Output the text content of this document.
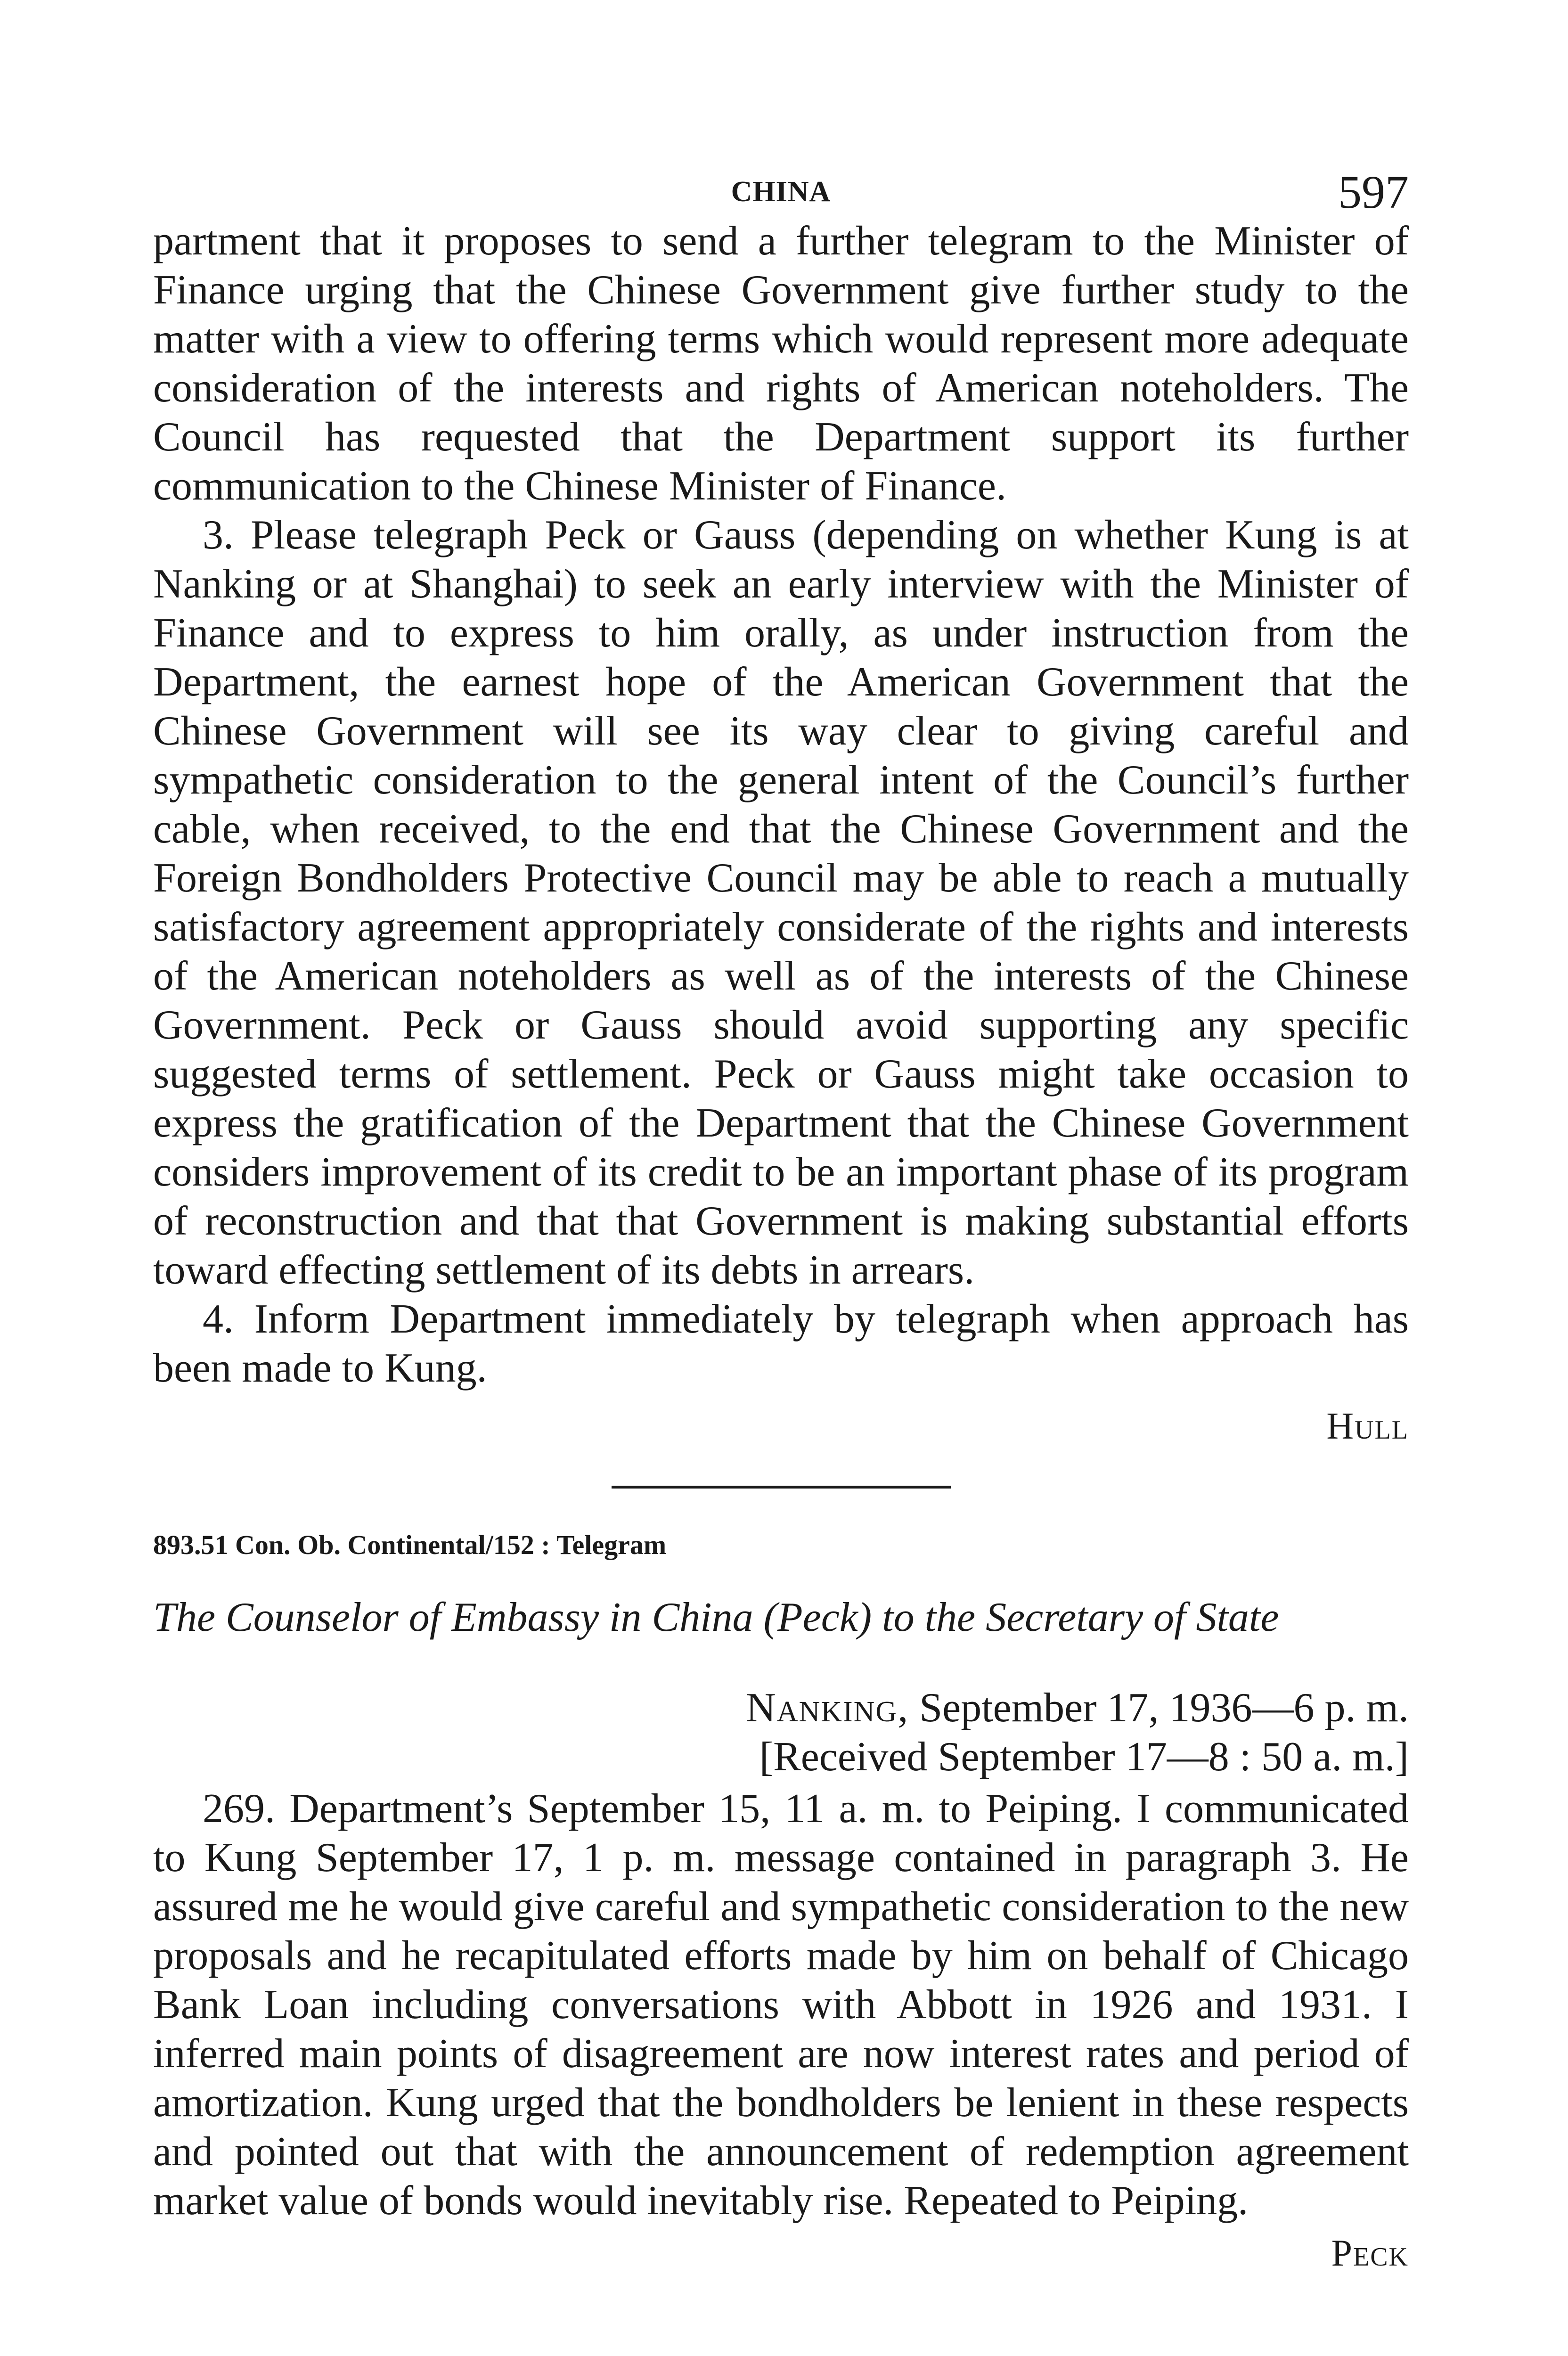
CHINA	597

partment that it proposes to send a further telegram to the Minister of Finance urging that the Chinese Government give further study to the matter with a view to offering terms which would represent more adequate consideration of the interests and rights of American noteholders. The Council has requested that the Department support its further communication to the Chinese Minister of Finance.

3. Please telegraph Peck or Gauss (depending on whether Kung is at Nanking or at Shanghai) to seek an early interview with the Minister of Finance and to express to him orally, as under instruction from the Department, the earnest hope of the American Government that the Chinese Government will see its way clear to giving careful and sympathetic consideration to the general intent of the Council’s further cable, when received, to the end that the Chinese Government and the Foreign Bondholders Protective Council may be able to reach a mutually satisfactory agreement appropriately considerate of the rights and interests of the American noteholders as well as of the interests of the Chinese Government. Peck or Gauss should avoid supporting any specific suggested terms of settlement. Peck or Gauss might take occasion to express the gratification of the Department that the Chinese Government considers improvement of its credit to be an important phase of its program of reconstruction and that that Government is making substantial efforts toward effecting settlement of its debts in arrears.

4. Inform Department immediately by telegraph when approach has been made to Kung.

Hull
893.51 Con. Ob. Continental/152 : Telegram
The Counselor of Embassy in China (Peck) to the Secretary of State
Nanking, September 17, 1936—6 p. m.
[Received September 17—8 : 50 a. m.]

269. Department’s September 15, 11 a. m. to Peiping. I communicated to Kung September 17, 1 p. m. message contained in paragraph 3. He assured me he would give careful and sympathetic consideration to the new proposals and he recapitulated efforts made by him on behalf of Chicago Bank Loan including conversations with Abbott in 1926 and 1931. I inferred main points of disagreement are now interest rates and period of amortization. Kung urged that the bondholders be lenient in these respects and pointed out that with the announcement of redemption agreement market value of bonds would inevitably rise. Repeated to Peiping.

Peck
